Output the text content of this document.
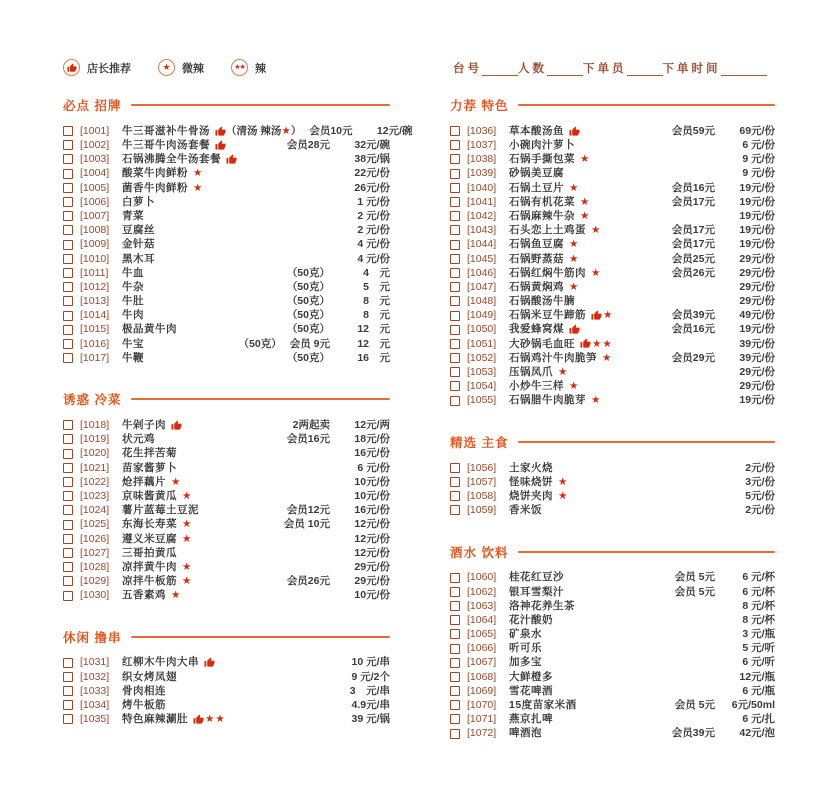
店长推荐	★ 微辣	★★ 辣	台号	人数	下单员	下单时间
必点 招牌
[1001]	牛三哥滋补牛骨汤 （清汤 辣汤★） 会员10元	12元/碗
[1002]	牛三哥牛肉汤套餐	会员28元	32元/碗
[1003]	石锅沸腾全牛汤套餐	38元/锅
[1004]	酸菜牛肉鲜粉 ★	22元/份
[1005]	菌香牛肉鲜粉 ★	26元/份
[1006]	白萝卜	1 元/份
[1007]	青菜	2 元/份
[1008]	豆腐丝	2 元/份
[1009]	金针菇	4 元/份
[1010]	黑木耳	4 元/份
[1011]	牛血	（50克）	4　元
[1012]	牛杂	（50克）	5　元
[1013]	牛肚	（50克）	8　元
[1014]	牛肉	（50克）	8　元
[1015]	极品黄牛肉	（50克）	12　元
[1016]	牛宝	（50克） 会员 9元	12　元
[1017]	牛鞭	（50克）	16　元
诱惑 冷菜
[1018]	牛剁子肉	2两起卖	12元/两
[1019]	状元鸡	会员16元	18元/份
[1020]	花生拌苦菊	16元/份
[1021]	苗家酱萝卜	6 元/份
[1022]	炝拌藕片 ★	10元/份
[1023]	京味酱黄瓜 ★	10元/份
[1024]	薯片蓝莓土豆泥	会员12元	16元/份
[1025]	东海长寿菜 ★	会员 10元	12元/份
[1026]	遵义米豆腐 ★	12元/份
[1027]	三哥拍黄瓜	12元/份
[1028]	凉拌黄牛肉 ★	29元/份
[1029]	凉拌牛板筋 ★	会员26元	29元/份
[1030]	五香素鸡 ★	10元/份
休闲 撸串
[1031]	红柳木牛肉大串	10 元/串
[1032]	织女烤凤翅	9 元/2个
[1033]	骨肉相连	3　元/串
[1034]	烤牛板筋	4.9元/串
[1035]	特色麻辣涮肚 ★ ★	39 元/锅
力荐 特色
[1036]	草本酸汤鱼	会员59元	69元/份
[1037]	小碗肉汁萝卜	6 元/份
[1038]	石锅手撕包菜 ★	9 元/份
[1039]	砂锅美豆腐	9 元/份
[1040]	石锅土豆片 ★	会员16元	19元/份
[1041]	石锅有机花菜 ★	会员17元	19元/份
[1042]	石锅麻辣牛杂 ★	19元/份
[1043]	石头恋上土鸡蛋 ★	会员17元	19元/份
[1044]	石锅鱼豆腐 ★	会员17元	19元/份
[1045]	石锅野蒸菇 ★	会员25元	29元/份
[1046]	石锅红焖牛筋肉 ★	会员26元	29元/份
[1047]	石锅黄焖鸡 ★	29元/份
[1048]	石锅酸汤牛腩	29元/份
[1049]	石锅米豆牛蹄筋 ★	会员39元	49元/份
[1050]	我爱蜂窝煤	会员16元	19元/份
[1051]	大砂锅毛血旺 ★ ★	39元/份
[1052]	石锅鸡汁牛肉脆笋 ★	会员29元	39元/份
[1053]	压锅凤爪 ★	29元/份
[1054]	小炒牛三样 ★	29元/份
[1055]	石锅腊牛肉脆芽 ★	19元/份
精选 主食
[1056]	土家火烧	2元/份
[1057]	怪味烧饼 ★	3元/份
[1058]	烧饼夹肉 ★	5元/份
[1059]	香米饭	2元/份
酒水 饮料
[1060]	桂花红豆沙	会员 5元	6 元/杯
[1062]	银耳雪梨汁	会员 5元	6 元/杯
[1063]	洛神花养生茶	8 元/杯
[1064]	花汁酸奶	8 元/杯
[1065]	矿泉水	3 元/瓶
[1066]	听可乐	5 元/听
[1067]	加多宝	6 元/听
[1068]	大鲜橙多	12元/瓶
[1069]	雪花啤酒	6 元/瓶
[1070]	15度苗家米酒	会员 5元	6元/50ml
[1071]	燕京扎啤	6 元/扎
[1072]	啤酒泡	会员39元	42元/泡
